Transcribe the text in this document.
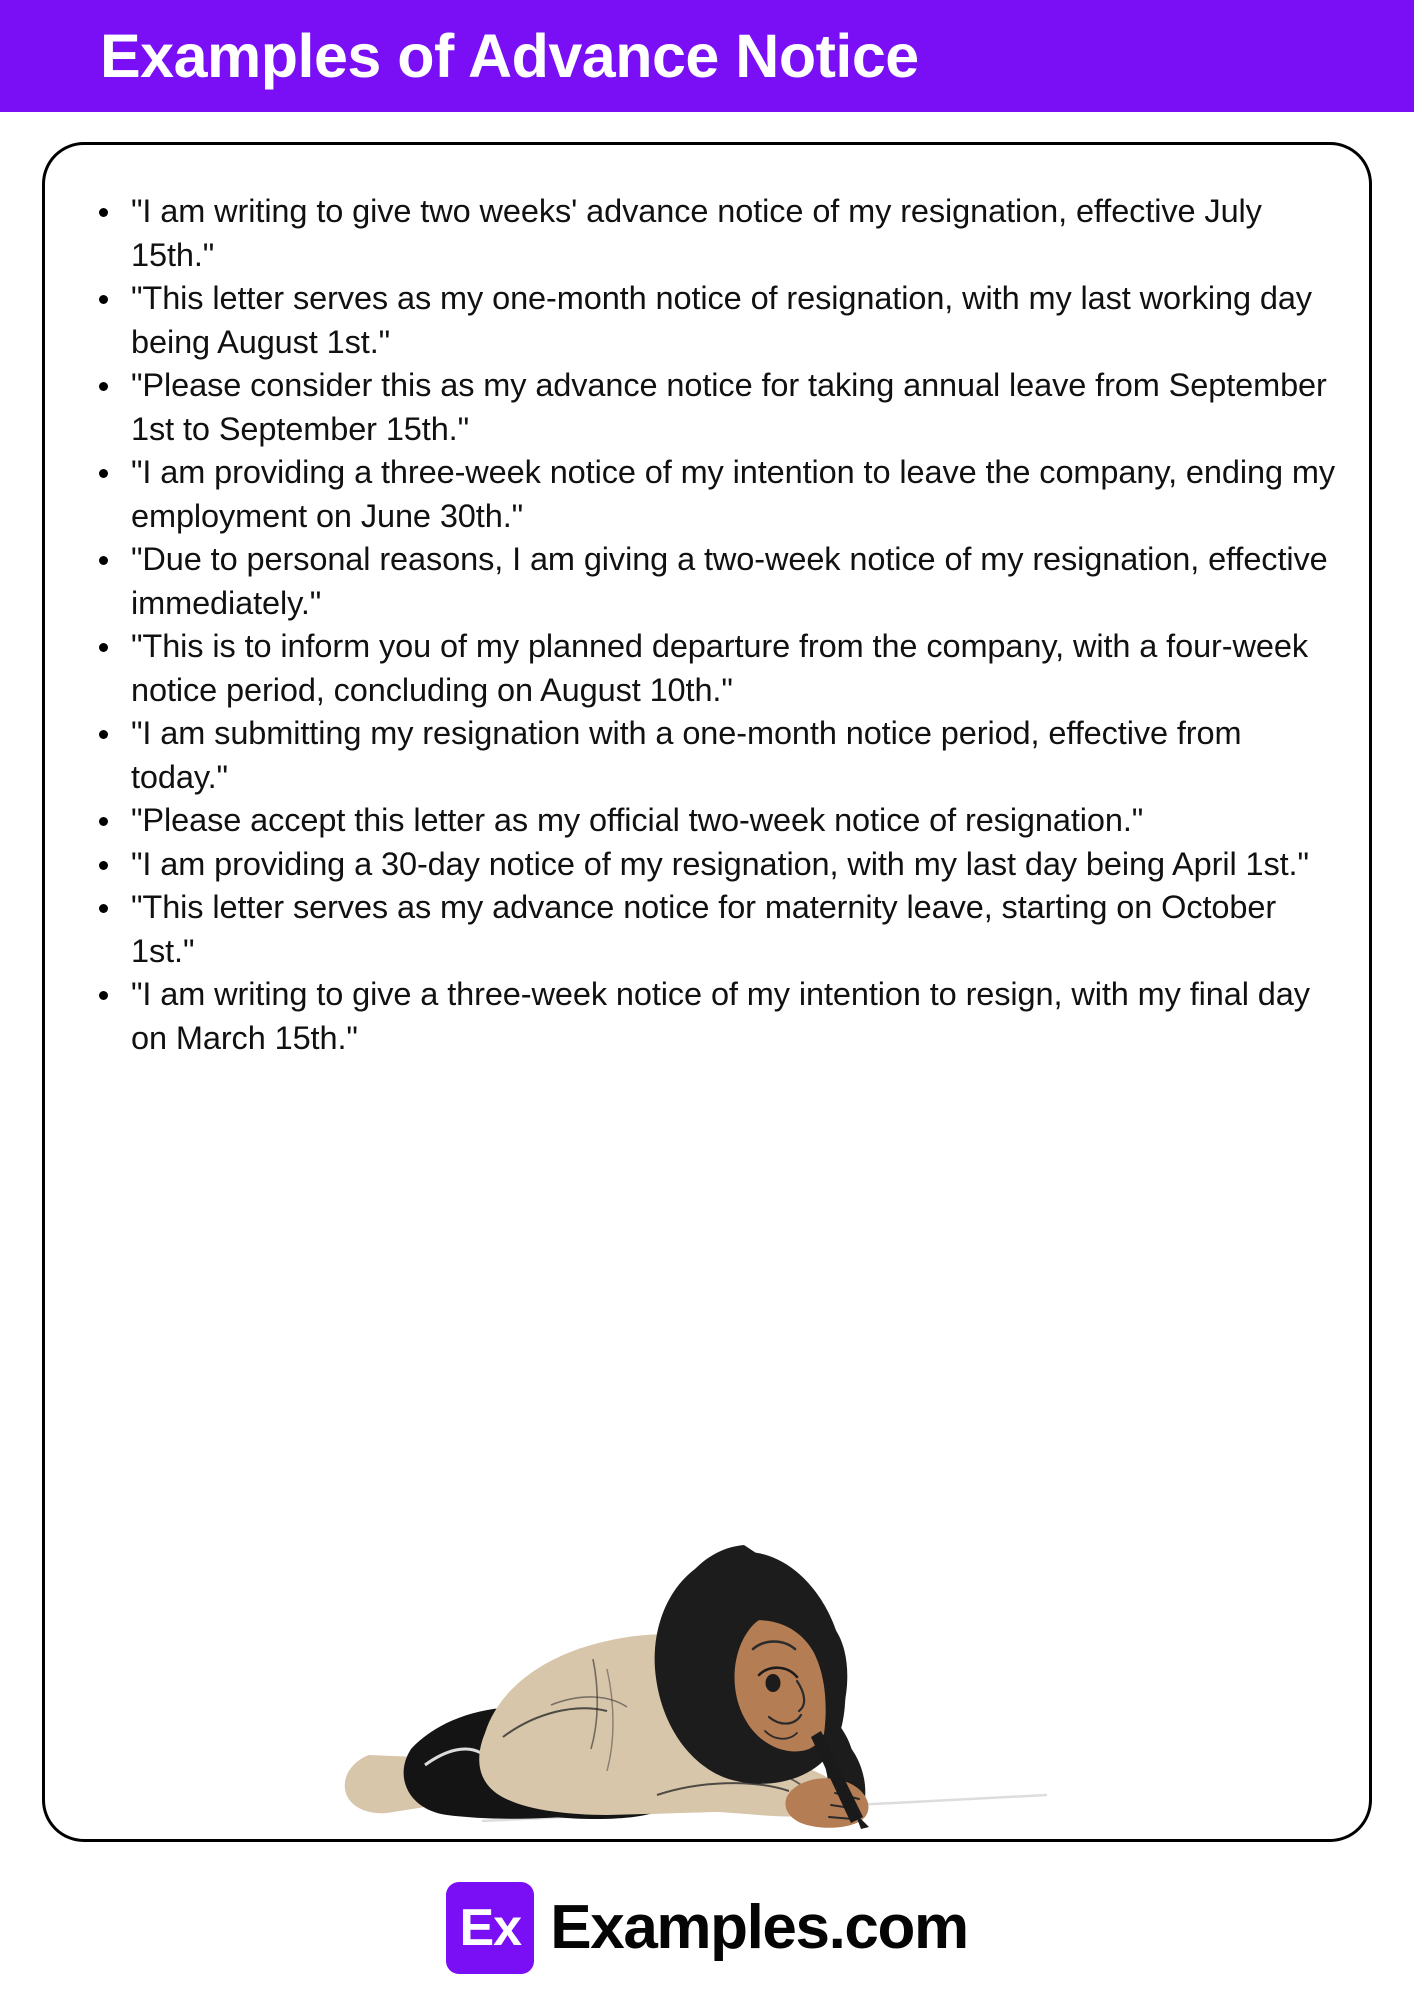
Examples of Advance Notice
"I am writing to give two weeks' advance notice of my resignation, effective July 15th."
"This letter serves as my one-month notice of resignation, with my last working day being August 1st."
"Please consider this as my advance notice for taking annual leave from September 1st to September 15th."
"I am providing a three-week notice of my intention to leave the company, ending my employment on June 30th."
"Due to personal reasons, I am giving a two-week notice of my resignation, effective immediately."
"This is to inform you of my planned departure from the company, with a four-week notice period, concluding on August 10th."
"I am submitting my resignation with a one-month notice period, effective from today."
"Please accept this letter as my official two-week notice of resignation."
"I am providing a 30-day notice of my resignation, with my last day being April 1st."
"This letter serves as my advance notice for maternity leave, starting on October 1st."
"I am writing to give a three-week notice of my intention to resign, with my final day on March 15th."
Ex Examples.com
